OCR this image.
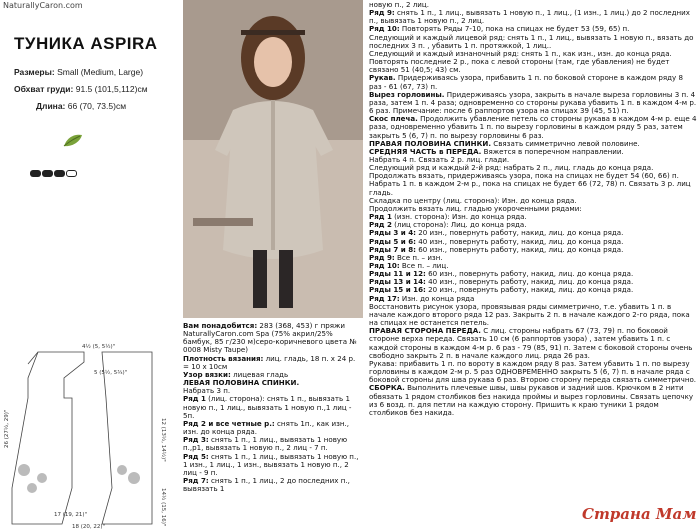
NaturallyCaron.com
ТУНИКА ASPIRA
Размеры: Small (Medium, Large)
Обхват груди: 91.5 (101,5,112)см
Длина: 66 (70, 73.5)см
4½ (5, 5½)"
5 (5½, 5¾)"
12 (13½, 14½)"
26 (27½, 29)"
14½ (15, 16)"
17 (19, 21)"
18 (20, 22)"

Вам понадобится: 283 (368, 453) г пряжи NaturallyCaron.com Spa (75% акрил/25% бамбук, 85 г/230 м)серо-коричневого цвета № 0008 Misty Taupe)

Плотность вязания: лиц. гладь, 18 п. х 24 р. = 10 х 10см

Узор вязки: лицевая гладь

ЛЕВАЯ ПОЛОВИНА СПИНКИ.

Набрать 3 п.

Ряд 1 (лиц. сторона): снять 1 п., вывязать 1 новую п., 1 лиц., вывязать 1 новую п.,1 лиц - 5п.

Ряд 2 и все четные р.: снять 1п., как изн., изн. до конца ряда.

Ряд 3: снять 1 п., 1 лиц., вывязать 1 новую п.,р1, вывязать 1 новую п., 2 лиц - 7 п.

Ряд 5: снять 1 п., 1 лиц., вывязать 1 новую п., 1 изн., 1 лиц., 1 изн., вывязать 1 новую п., 2 лиц - 9 п.

Ряд 7: снять 1 п., 1 лиц., 2 до последних п., вывязать 1

новую п., 2 лиц.

Ряд 9: снять 1 п., 1 лиц., вывязать 1 новую п., 1 лиц., (1 изн., 1 лиц.) до 2 последних п., вывязать 1 новую п., 2 лиц.

Ряд 10: Повторять Ряды 7-10, пока на спицах не будет 53 (59, 65) п.

Следующий и каждый лицевой ряд: снять 1 п., 1 лиц., вывязать 1 новую п., вязать до последних 3 п. , убавить 1 п. протяжкой, 1 лиц..

Следующий и каждый изнаночный ряд: снять 1 п., как изн., изн. до конца ряда.

Повторять последние 2 р., пока с левой стороны (там, где убавления) не будет связано 51 (40,5; 43) см.

Рукав. Придерживаясь узора, прибавить 1 п. по боковой стороне в каждом ряду 8 раз - 61 (67, 73) п.

Вырез горловины. Придерживаясь узора, закрыть в начале выреза горловины 3 п. 4 раза, затем 1 п. 4 раза; одновременно со стороны рукава убавить 1 п. в каждом 4-м р. 6 раз. Примечание: после 6 раппортов узора на спицах 39 (45, 51) п.

Скос плеча. Продолжить убавление петель со стороны рукава в каждом 4-м р. еще 4 раза, одновременно убавить 1 п. по вырезу горловины в каждом ряду 5 раз, затем закрыть 5 (6, 7) п. по вырезу горловины 6 раз.

ПРАВАЯ ПОЛОВИНА СПИНКИ. Связать симметрично левой половине.

СРЕДНЯЯ ЧАСТЬ в ПЕРЕДА. Вяжется в поперечном направлении.

Набрать 4 п. Связать 2 р. лиц. глади.

Следующий ряд и каждый 2-й ряд: набрать 2 п., лиц. гладь до конца ряда.

Продолжать вязать, придерживаясь узора, пока на спицах не будет 54 (60, 66) п.

Набрать 1 п. в каждом 2-м р., пока на спицах не будет 66 (72, 78) п. Связать 3 р. лиц гладь.

Складка по центру (лиц. сторона): Изн. до конца ряда.

Продолжить вязать лиц. гладью укороченными рядами:

Ряд 1 (изн. сторона): Изн. до конца ряда.

Ряд 2 (лиц сторона): Лиц. до конца ряда.

Ряды 3 и 4: 20 изн., повернуть работу, накид, лиц. до конца ряда.

Ряды 5 и 6: 40 изн., повернуть работу, накид, лиц. до конца ряда.

Ряды 7 и 8: 60 изн., повернуть работу, накид, лиц. до конца ряда.

Ряд 9: Все п. – изн.

Ряд 10: Все п. – лиц.

Ряды 11 и 12: 60 изн., повернуть работу, накид, лиц. до конца ряда.

Ряды 13 и 14: 40 изн., повернуть работу, накид, лиц. до конца ряда.

Ряды 15 и 16: 20 изн., повернуть работу, накид, лиц. до конца ряда.

Ряд 17: Изн. до конца ряда

Восстановить рисунок узора, провязывая ряды симметрично, т.е. убавить 1 п. в начале каждого второго ряда 12 раз. Закрыть 2 п. в начале каждого 2-го ряда, пока на спицах не останется петель.

ПРАВАЯ СТОРОНА ПЕРЕДА. С лиц. стороны набрать 67 (73, 79) п. по боковой стороне верха переда. Связать 10 см (6 раппортов узора) , затем убавить 1 п. с каждой стороны в каждом 4-м р. 6 раз - 79 (85, 91) п. Затем с боковой стороны очень свободно закрыть 2 п. в начале каждого лиц. ряда 26 раз.

Рукава: прибавить 1 п. по вороту в каждом ряду 8 раз. Затем убавить 1 п. по вырезу горловины в каждом 2-м р. 5 раз ОДНОВРЕМЕННО закрыть 5 (6, 7) п. в начале ряда с боковой стороны для шва рукава 6 раз. Второю сторону переда связать симметрично.

СБОРКА. Выполнить плечевые швы, швы рукавов и задний шов. Крючком в 2 нити обвязать 1 рядом столбиков без накида проймы и вырез горловины. Связать цепочку из 6 возд. п. для петли на каждую сторону. Пришить к краю туники 1 рядом столбиков без накида.

Страна Мам
